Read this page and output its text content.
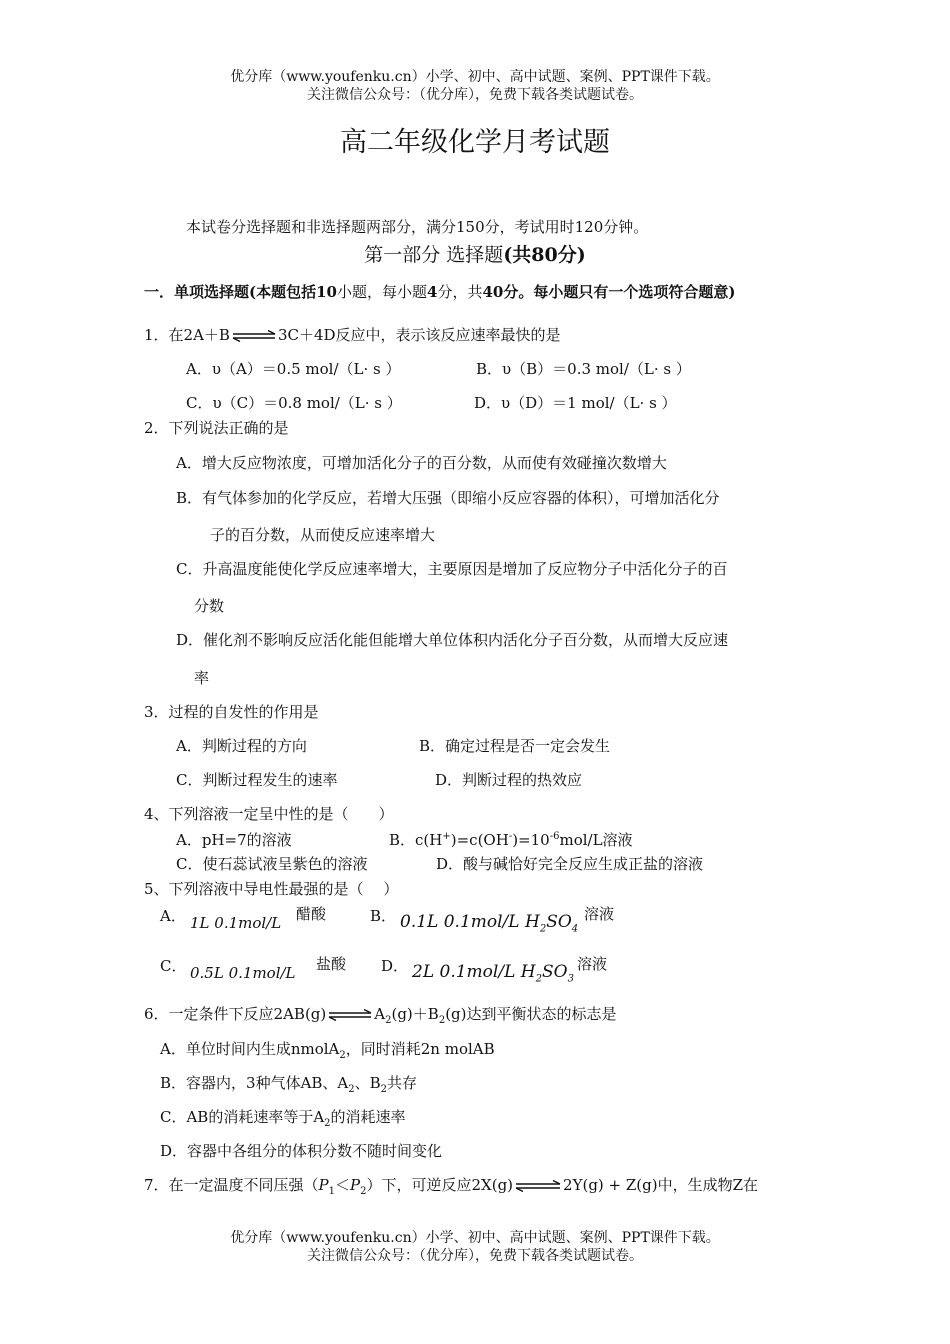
优分库（www.youfenku.cn）小学、初中、高中试题、案例、PPT课件下载。
关注微信公众号：（优分库），免费下载各类试题试卷。
高二年级化学月考试题
本试卷分选择题和非选择题两部分，满分150分，考试用时120分钟。
第一部分 选择题(共80分)
一．单项选择题(本题包括10小题，每小题4分，共40分。每小题只有一个选项符合题意)
1．在2A＋B ⇌ 3C＋4D反应中，表示该反应速率最快的是
A．υ（A）＝0.5 mol/（L· s ）	B．υ（B）＝0.3 mol/（L· s ）
C．υ（C）＝0.8 mol/（L· s ）	D．υ（D）＝1 mol/（L· s ）
2．下列说法正确的是
A．增大反应物浓度，可增加活化分子的百分数，从而使有效碰撞次数增大
B．有气体参加的化学反应，若增大压强（即缩小反应容器的体积），可增加活化分
子的百分数，从而使反应速率增大
C．升高温度能使化学反应速率增大，主要原因是增加了反应物分子中活化分子的百
分数
D．催化剂不影响反应活化能但能增大单位体积内活化分子百分数，从而增大反应速
率
3．过程的自发性的作用是
A．判断过程的方向	B．确定过程是否一定会发生
C．判断过程发生的速率	D．判断过程的热效应
4、下列溶液一定呈中性的是（　　）
A．pH=7的溶液	B．$c(H^+)=c(OH^-)=10^{-6}mol/L$溶液
C．使石蕊试液呈紫色的溶液	D．酸与碱恰好完全反应生成正盐的溶液
5、下列溶液中导电性最强的是（　 ）
A． 1L 0.1mol/L 醋酸	B． 0.1L 0.1mol/L $H_2SO_4$
溶液
C． 0.5L 0.1mol/L 盐酸 D． 2L 0.1mol/L $H_2SO_3$
溶液
6．一定条件下反应2AB(g) ⇌ $A_2(g)+B_2(g)$达到平衡状态的标志是
A．单位时间内生成nmolA$_2$，同时消耗2n molAB
B．容器内，3种气体AB、$A_2$、$B_2$共存
C．AB的消耗速率等于$A_2$的消耗速率
D．容器中各组分的体积分数不随时间变化
7．在一定温度不同压强$(P_1<P_2)$下，可逆反应2X(g) ⇌ 2Y(g) + Z(g)中，生成物Z在
优分库（www.youfenku.cn）小学、初中、高中试题、案例、PPT课件下载。
关注微信公众号：（优分库），免费下载各类试题试卷。
